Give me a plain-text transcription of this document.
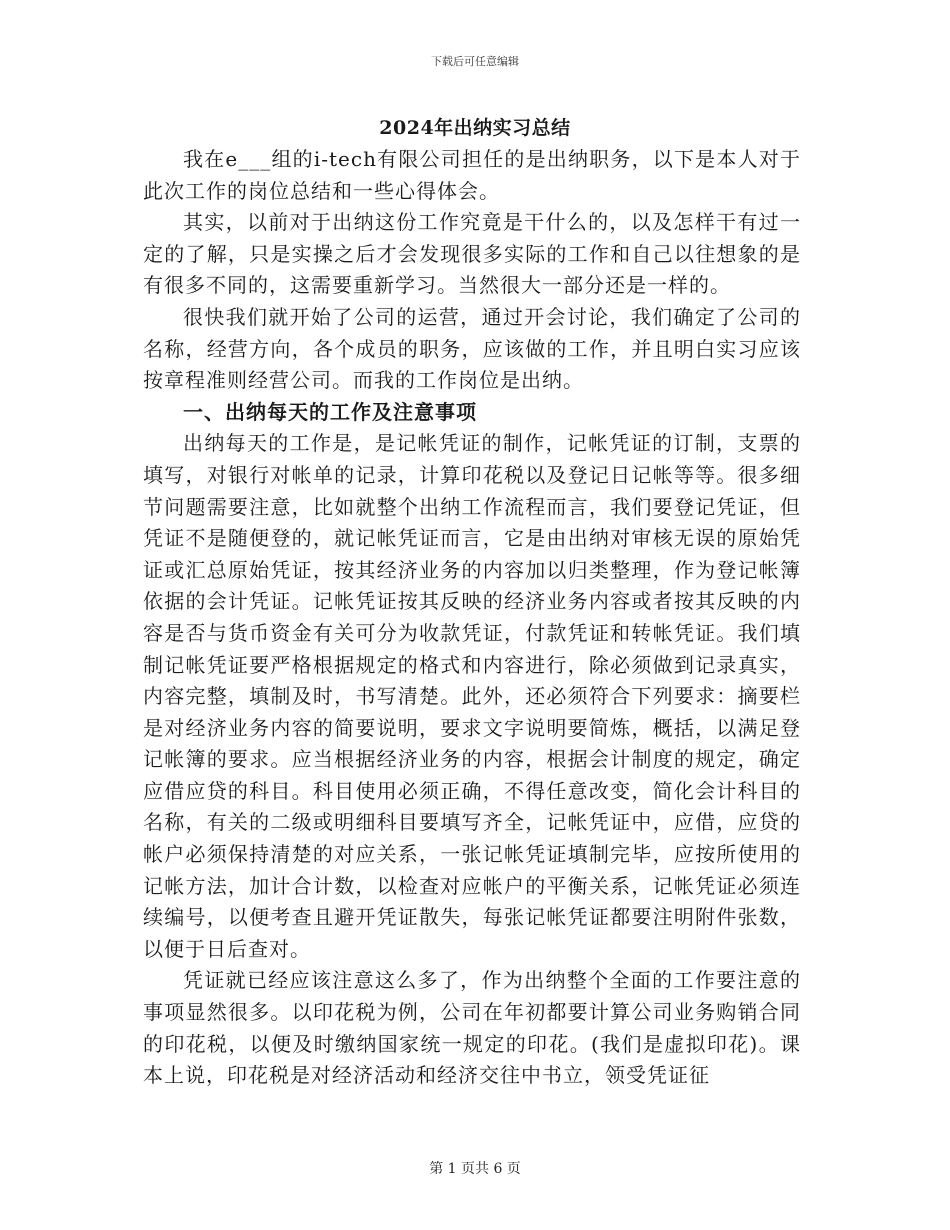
下载后可任意编辑
2024年出纳实习总结

我在e___组的i-tech有限公司担任的是出纳职务，以下是本人对于此次工作的岗位总结和一些心得体会。

其实，以前对于出纳这份工作究竟是干什么的，以及怎样干有过一定的了解，只是实操之后才会发现很多实际的工作和自己以往想象的是有很多不同的，这需要重新学习。当然很大一部分还是一样的。

很快我们就开始了公司的运营，通过开会讨论，我们确定了公司的名称，经营方向，各个成员的职务，应该做的工作，并且明白实习应该按章程准则经营公司。而我的工作岗位是出纳。

一、出纳每天的工作及注意事项

出纳每天的工作是，是记帐凭证的制作，记帐凭证的订制，支票的填写，对银行对帐单的记录，计算印花税以及登记日记帐等等。很多细节问题需要注意，比如就整个出纳工作流程而言，我们要登记凭证，但凭证不是随便登的，就记帐凭证而言，它是由出纳对审核无误的原始凭证或汇总原始凭证，按其经济业务的内容加以归类整理，作为登记帐簿依据的会计凭证。记帐凭证按其反映的经济业务内容或者按其反映的内容是否与货币资金有关可分为收款凭证，付款凭证和转帐凭证。我们填制记帐凭证要严格根据规定的格式和内容进行，除必须做到记录真实，内容完整，填制及时，书写清楚。此外，还必须符合下列要求：摘要栏是对经济业务内容的简要说明，要求文字说明要简炼，概括，以满足登记帐簿的要求。应当根据经济业务的内容，根据会计制度的规定，确定应借应贷的科目。科目使用必须正确，不得任意改变，简化会计科目的名称，有关的二级或明细科目要填写齐全，记帐凭证中，应借，应贷的帐户必须保持清楚的对应关系，一张记帐凭证填制完毕，应按所使用的记帐方法，加计合计数，以检查对应帐户的平衡关系，记帐凭证必须连续编号，以便考查且避开凭证散失，每张记帐凭证都要注明附件张数，以便于日后查对。

凭证就已经应该注意这么多了，作为出纳整个全面的工作要注意的事项显然很多。以印花税为例，公司在年初都要计算公司业务购销合同的印花税，以便及时缴纳国家统一规定的印花。(我们是虚拟印花)。课本上说，印花税是对经济活动和经济交往中书立，领受凭证征

第 1 页共 6 页
